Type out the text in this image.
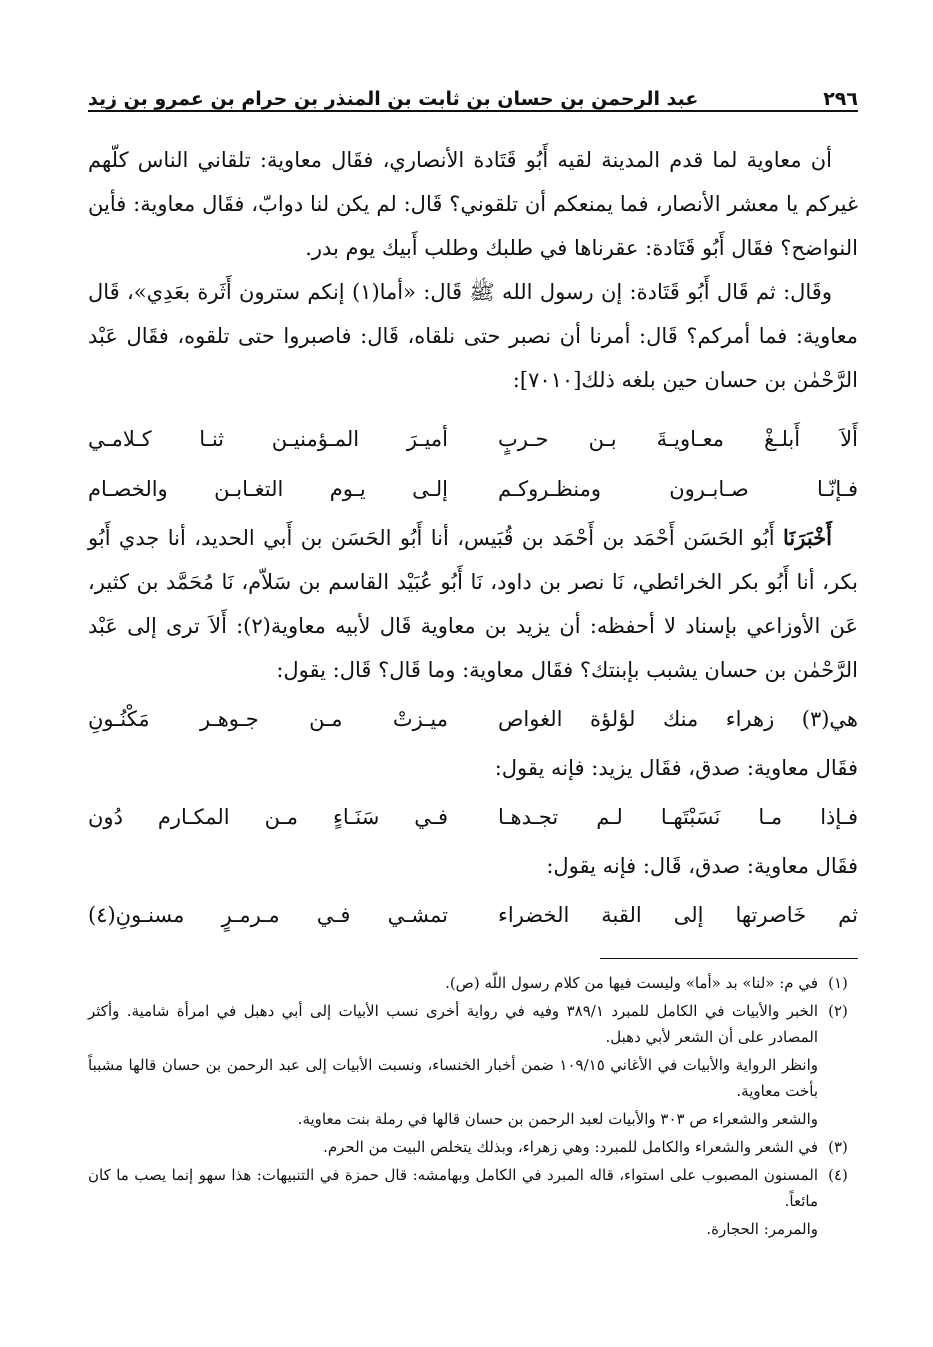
٢٩٦
عبد الرحمن بن حسان بن ثابت بن المنذر بن حرام بن عمرو بن زيد

أن معاوية لما قدم المدينة لقيه أَبُو قَتَادة الأنصاري، فقَال معاوية: تلقاني الناس كلّهم غيركم يا معشر الأنصار، فما يمنعكم أن تلقوني؟ قَال: لم يكن لنا دوابّ، فقَال معاوية: فأين النواضح؟ فقَال أَبُو قَتَادة: عقرناها في طلبك وطلب أَبيك يوم بدر.

وقَال: ثم قَال أَبُو قَتَادة: إن رسول الله ﷺ قَال: «أما(١) إنكم سترون أَثَرة بعَدِي»، قَال معاوية: فما أمركم؟ قَال: أمرنا أن نصبر حتى نلقاه، قَال: فاصبروا حتى تلقوه، فقَال عَبْد الرَّحْمٰن بن حسان حين بلغه ذلك[٧٠١٠]:

أَلاَ أَبلـغْ معـاويـةَ بـن حـربٍ
أميـرَ المـؤمنيـن ثنـا كـلامـي
فـإنّـا صـابـرون ومنظـروكـم
إلـى يـوم التغـابـن والخصـام

أَخْبَرَنَا أَبُو الحَسَن أَحْمَد بن أَحْمَد بن قُبَيس، أنا أَبُو الحَسَن بن أَبي الحديد، أنا جدي أَبُو بكر، أنا أَبُو بكر الخرائطي، نَا نصر بن داود، نَا أَبُو عُبَيْد القاسم بن سَلاّم، نَا مُحَمَّد بن كثير، عَن الأوزاعي بإسناد لا أحفظه: أن يزيد بن معاوية قَال لأبيه معاوية(٢): أَلاَ ترى إلى عَبْد الرَّحْمٰن بن حسان يشبب بإبنتك؟ فقَال معاوية: وما قَال؟ قَال: يقول:

هي(٣) زهراء منك لؤلؤة الغواص
ميـزتْ مـن جـوهـر مَكْنُـونِ

فقَال معاوية: صدق، فقَال يزيد: فإنه يقول:

فـإذا مـا نَسَبْتَهـا لـم تجـدهـا
فـي سَنَـاءٍ مـن المكـارم دُون

فقَال معاوية: صدق، قَال: فإنه يقول:

ثم خَاصرتها إلى القبة الخضراء
تمشـي فـي مـرمـرٍ مسنـونِ(٤)
(١)
في م: «لنا» بد «أما» وليست فيها من كلام رسول اللّه (ص).
(٢)
الخبر والأبيات في الكامل للمبرد ٣٨٩/١ وفيه في رواية أخرى نسب الأبيات إلى أبي دهبل في امرأة شامية. وأكثر المصادر على أن الشعر لأبي دهبل.
وانظر الرواية والأبيات في الأغاني ١٠٩/١٥ ضمن أخبار الخنساء، ونسبت الأبيات إلى عبد الرحمن بن حسان قالها مشبباً بأخت معاوية.
والشعر والشعراء ص ٣٠٣ والأبيات لعبد الرحمن بن حسان قالها في رملة بنت معاوية.
(٣)
في الشعر والشعراء والكامل للمبرد: وهي زهراء، وبذلك يتخلص البيت من الحرم.
(٤)
المسنون المصبوب على استواء، قاله المبرد في الكامل وبهامشه: قال حمزة في التنبيهات: هذا سهو إنما يصب ما كان مائعاً.
والمرمر: الحجارة.
